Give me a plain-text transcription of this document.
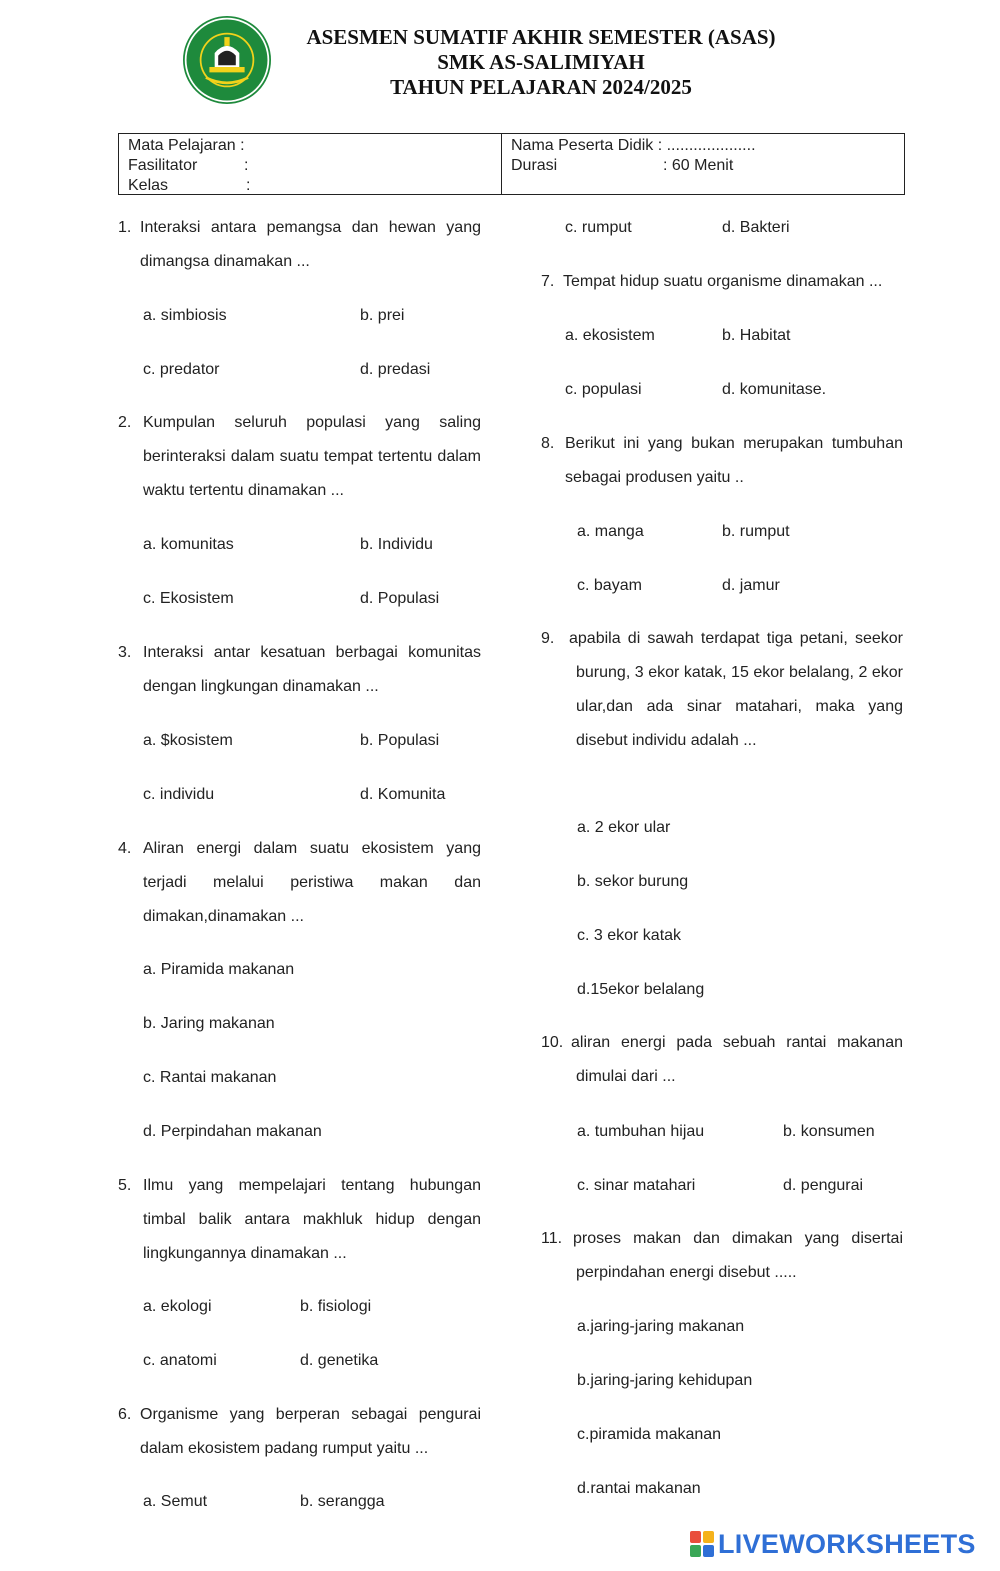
ASESMEN SUMATIF AKHIR SEMESTER (ASAS)
SMK AS-SALIMIYAH
TAHUN PELAJARAN 2024/2025
Mata Pelajaran :
Fasilitator	:
Kelas	:
Nama Peserta Didik : ....................
Durasi	: 60 Menit
1. Interaksi antara pemangsa dan hewan yang dimangsa dinamakan ...
a. simbiosis	b. prei
c. predator	d. predasi
2. Kumpulan seluruh populasi yang saling berinteraksi dalam suatu tempat tertentu dalam waktu tertentu dinamakan ...
a. komunitas	b. Individu
c. Ekosistem	d. Populasi
3. Interaksi antar kesatuan berbagai komunitas dengan lingkungan dinamakan ...
a. $kosistem	b. Populasi
c. individu	d. Komunita
4. Aliran energi dalam suatu ekosistem yang terjadi melalui peristiwa makan dan dimakan,dinamakan ...
a. Piramida makanan
b. Jaring makanan
c. Rantai makanan
d. Perpindahan makanan
5. Ilmu yang mempelajari tentang hubungan timbal balik antara makhluk hidup dengan lingkungannya dinamakan ...
a. ekologi	b. fisiologi
c. anatomi	d. genetika
6. Organisme yang berperan sebagai pengurai dalam ekosistem padang rumput yaitu ...
a. Semut	b. serangga
c. rumput	d. Bakteri
7. Tempat hidup suatu organisme dinamakan ...
a. ekosistem	b. Habitat
c. populasi	d. komunitase.
8. Berikut ini yang bukan merupakan tumbuhan sebagai produsen yaitu ..
a. manga	b. rumput
c. bayam	d. jamur
9. apabila di sawah terdapat tiga petani, seekor burung, 3 ekor katak, 15 ekor belalang, 2 ekor ular,dan ada sinar matahari, maka yang disebut individu adalah ...
a. 2 ekor ular
b. sekor burung
c. 3 ekor katak
d.15ekor belalang
10. aliran energi pada sebuah rantai makanan dimulai dari ...
a. tumbuhan hijau	b. konsumen
c. sinar matahari	d. pengurai
11. proses makan dan dimakan yang disertai perpindahan energi disebut .....
a.jaring-jaring makanan
b.jaring-jaring kehidupan
c.piramida makanan
d.rantai makanan
LIVEWORKSHEETS
